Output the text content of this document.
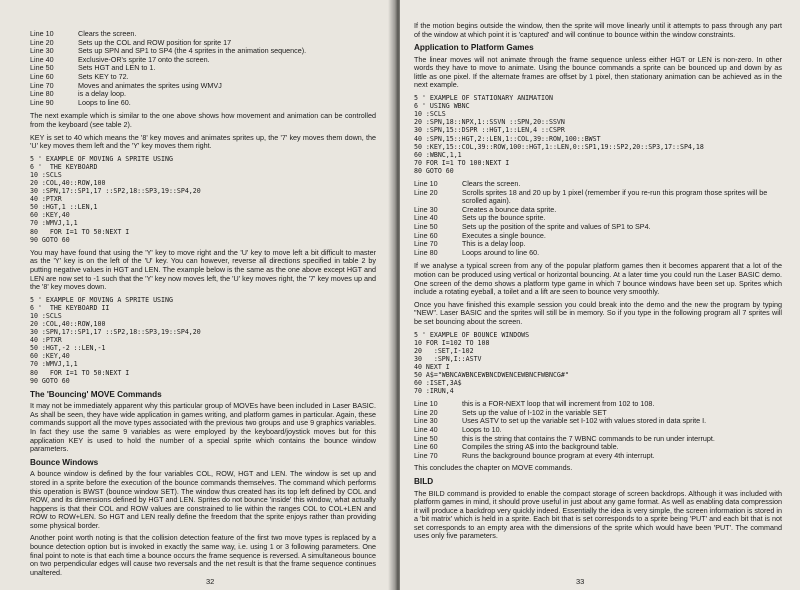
Line 10	Clears the screen.
Line 20	Sets up the COL and ROW position for sprite 17
Line 30	Sets up SPN and SP1 to SP4 (the 4 sprites in the animation sequence).
Line 40	Exclusive-OR's sprite 17 onto the screen.
Line 50	Sets HGT and LEN to 1.
Line 60	Sets KEY to 72.
Line 70	Moves and animates the sprites using WMVJ
Line 80	is a delay loop.
Line 90	Loops to line 60.

The next example which is similar to the one above shows how movement and animation can be controlled from the keyboard (see table 2).

KEY is set to 40 which means the '8' key moves and animates sprites up, the '7' key moves them down, the 'U' key moves them left and the 'Y' key moves them right.

5 ' EXAMPLE OF MOVING A SPRITE USING
6 '  THE KEYBOARD
10 :SCLS
20 :COL,40::ROW,100
30 :SPN,17::SP1,17 ::SP2,18::SP3,19::SP4,20
40 :PTXR
50 :HGT,1 ::LEN,1
60 :KEY,40
70 :WMVJ,1,1
80   FOR I=1 TO 50:NEXT I
90 GOTO 60

You may have found that using the 'Y' key to move right and the 'U' key to move left a bit difficult to master as the 'Y' key is on the left of the 'U' key. You can however, reverse all directions specified in table 2 by putting negative values in HGT and LEN. The example below is the same as the one above except HGT and LEN are now set to -1 such that the 'Y' key now moves left, the 'U' key moves right, the '7' key moves up and the '8' key moves down.

5 ' EXAMPLE OF MOVING A SPRITE USING
6 '  THE KEYBOARD II
10 :SCLS
20 :COL,40::ROW,100
30 :SPN,17::SP1,17 ::SP2,18::SP3,19::SP4,20
40 :PTXR
50 :HGT,-2 ::LEN,-1
60 :KEY,40
70 :WMVJ,1,1
80   FOR I=1 TO 50:NEXT I
90 GOTO 60
The 'Bouncing' MOVE Commands

It may not be immediately apparent why this particular group of MOVEs have been included in Laser BASIC. As shall be seen, they have wide application in games writing, and platform games in particular. Again, these commands support all the move types associated with the previous two groups and use 9 graphics variables. In fact they use the same 9 variables as were employed by the keyboard/joystick moves but for this application KEY is used to hold the number of a special sprite which contains the bounce window parameters.

Bounce Windows

A bounce window is defined by the four variables COL, ROW, HGT and LEN. The window is set up and stored in a sprite before the execution of the bounce commands themselves. The command which performs this operation is BWST (bounce window SET). The window thus created has its top left defined by COL and ROW, and its dimensions defined by HGT and LEN. Sprites do not bounce 'inside' this window, what actually happens is that their COL and ROW values are constrained to lie within the ranges COL to COL+LEN and ROW to ROW+LEN. So HGT and LEN really define the freedom that the sprite enjoys rather than providing some physical border.

Another point worth noting is that the collision detection feature of the first two move types is replaced by a bounce detection option but is invoked in exactly the same way, i.e. using 1 or 3 following parameters. One final point to note is that each time a bounce occurs the frame sequence is reversed. A simultaneous bounce on two perpendicular edges will cause two reversals and the net result is that the frame sequence continues unaltered.

32

If the motion begins outside the window, then the sprite will move linearly until it attempts to pass through any part of the window at which point it is 'captured' and will continue to bounce within the window constraints.

Application to Platform Games

The linear moves will not animate through the frame sequence unless either HGT or LEN is non-zero. In other words they have to move to animate. Using the bounce commands a sprite can be bounced up and down by as little as one pixel. If the alternate frames are offset by 1 pixel, then stationary animation can be achieved as in the next example.

5 ' EXAMPLE OF STATIONARY ANIMATION
6 ' USING WBNC
10 :SCLS
20 :SPN,18::NPX,1::SSVN ::SPN,20::SSVN
30 :SPN,15::DSPR ::HGT,1::LEN,4 ::CSPR
40 :SPN,15::HGT,2::LEN,1::COL,39::ROW,100::BWST
50 :KEY,15::COL,39::ROW,100::HGT,1::LEN,0::SP1,19::SP2,20::SP3,17::SP4,18
60 :WBNC,1,1
70 FOR I=1 TO 100:NEXT I
80 GOTO 60
Line 10	Clears the screen.
Line 20	Scrolls sprites 18 and 20 up by 1 pixel (remember if you re-run this program those sprites will be scrolled again).
Line 30	Creates a bounce data sprite.
Line 40	Sets up the bounce sprite.
Line 50	Sets up the position of the sprite and values of SP1 to SP4.
Line 60	Executes a single bounce.
Line 70	This is a delay loop.
Line 80	Loops around to line 60.

If we analyse a typical screen from any of the popular platform games then it becomes apparent that a lot of the motion can be produced using vertical or horizontal bouncing. At a later time you could run the Laser BASIC demo. One screen of the demo shows a platform type game in which 7 bounce windows have been set up. Sprites which include a rotating eyeball, a toilet and a lift are seen to bounce very smoothly.

Once you have finished this example session you could break into the demo and the new the program by typing "NEW". Laser BASIC and the sprites will still be in memory. So if you type in the following program all 7 sprites will be set bouncing about the screen.

5 ' EXAMPLE OF BOUNCE WINDOWS
10 FOR I=102 TO 108
20   :SET,I-102
30   :SPN,I::ASTV
40 NEXT I
50 A$="WBNCAWBNCEWBNCDWENCEWBNCFWBNCG#"
60 :ISET,3A$
70 :IRUN,4
Line 10	this is a FOR-NEXT loop that will increment from 102 to 108.
Line 20	Sets up the value of I-102 in the variable SET
Line 30	Uses ASTV to set up the variable set I-102 with values stored in data sprite I.
Line 40	Loops to 10.
Line 50	this is the string that contains the 7 WBNC commands to be run under interrupt.
Line 60	Compiles the string A$ into the background table.
Line 70	Runs the background bounce program at every 4th interrupt.

This concludes the chapter on MOVE commands.

BILD

The BILD command is provided to enable the compact storage of screen backdrops. Although it was included with platform games in mind, it should prove useful in just about any game format. As well as enabling data compression it will produce a backdrop very quickly indeed. Essentially the idea is very simple, the screen information is stored in a 'bit matrix' which is held in a sprite. Each bit that is set corresponds to a sprite being 'PUT' and each bit that is not set corresponds to an empty area with the dimensions of the sprite which would have been 'PUT'. The command uses only five parameters.

33
